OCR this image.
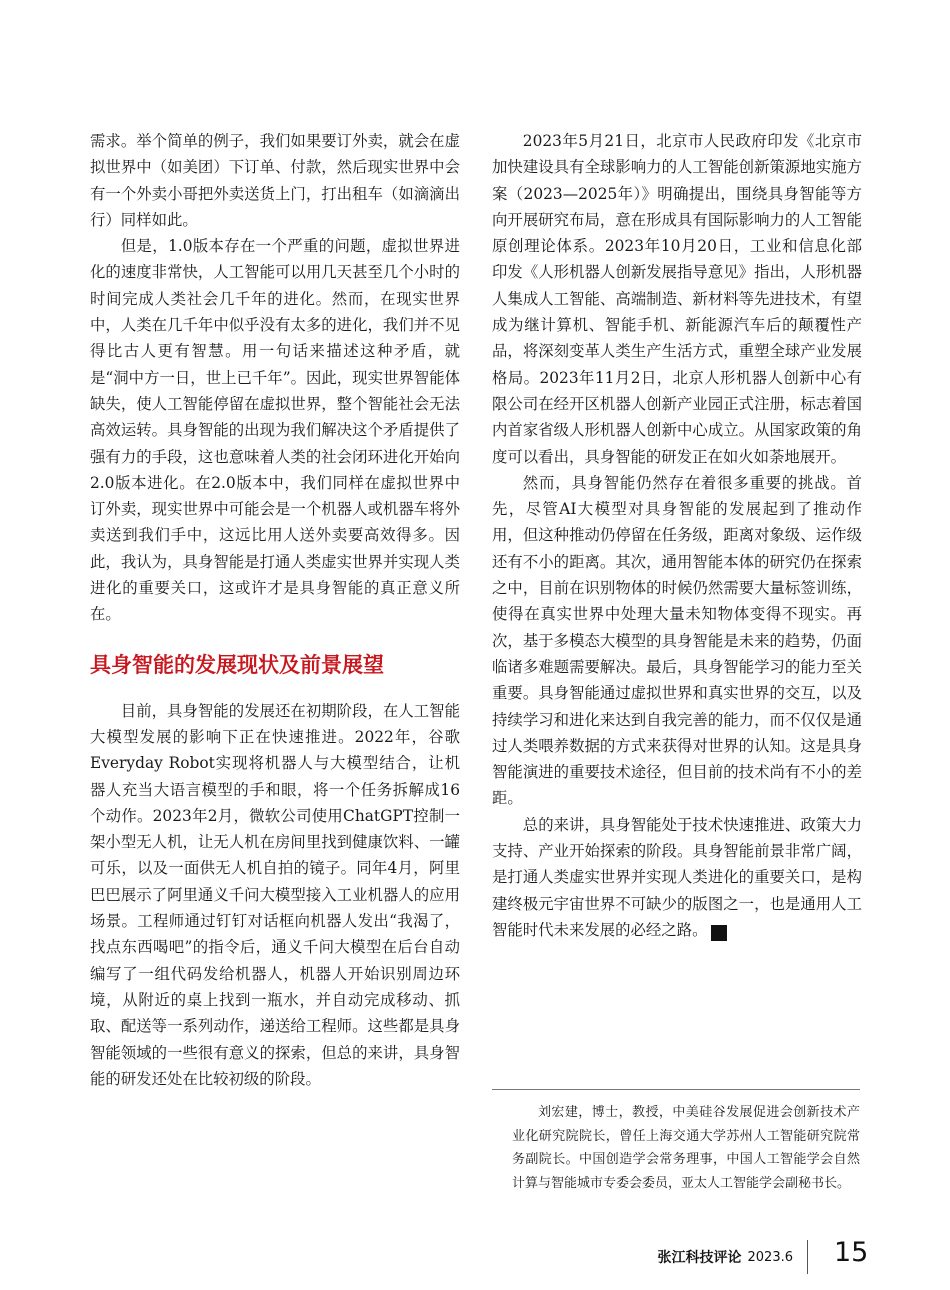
需求。举个简单的例子，我们如果要订外卖，就会在虚拟世界中（如美团）下订单、付款，然后现实世界中会有一个外卖小哥把外卖送货上门，打出租车（如滴滴出行）同样如此。

但是，1.0版本存在一个严重的问题，虚拟世界进化的速度非常快，人工智能可以用几天甚至几个小时的时间完成人类社会几千年的进化。然而，在现实世界中，人类在几千年中似乎没有太多的进化，我们并不见得比古人更有智慧。用一句话来描述这种矛盾，就是“洞中方一日，世上已千年”。因此，现实世界智能体缺失，使人工智能停留在虚拟世界，整个智能社会无法高效运转。具身智能的出现为我们解决这个矛盾提供了强有力的手段，这也意味着人类的社会闭环进化开始向2.0版本进化。在2.0版本中，我们同样在虚拟世界中订外卖，现实世界中可能会是一个机器人或机器车将外卖送到我们手中，这远比用人送外卖要高效得多。因此，我认为，具身智能是打通人类虚实世界并实现人类进化的重要关口，这或许才是具身智能的真正意义所在。

具身智能的发展现状及前景展望

目前，具身智能的发展还在初期阶段，在人工智能大模型发展的影响下正在快速推进。2022年，谷歌Everyday Robot实现将机器人与大模型结合，让机器人充当大语言模型的手和眼，将一个任务拆解成16个动作。2023年2月，微软公司使用ChatGPT控制一架小型无人机，让无人机在房间里找到健康饮料、一罐可乐，以及一面供无人机自拍的镜子。同年4月，阿里巴巴展示了阿里通义千问大模型接入工业机器人的应用场景。工程师通过钉钉对话框向机器人发出“我渴了，找点东西喝吧”的指令后，通义千问大模型在后台自动编写了一组代码发给机器人，机器人开始识别周边环境，从附近的桌上找到一瓶水，并自动完成移动、抓取、配送等一系列动作，递送给工程师。这些都是具身智能领域的一些很有意义的探索，但总的来讲，具身智能的研发还处在比较初级的阶段。

2023年5月21日，北京市人民政府印发《北京市加快建设具有全球影响力的人工智能创新策源地实施方案（2023—2025年）》明确提出，围绕具身智能等方向开展研究布局，意在形成具有国际影响力的人工智能原创理论体系。2023年10月20日，工业和信息化部印发《人形机器人创新发展指导意见》指出，人形机器人集成人工智能、高端制造、新材料等先进技术，有望成为继计算机、智能手机、新能源汽车后的颠覆性产品，将深刻变革人类生产生活方式，重塑全球产业发展格局。2023年11月2日，北京人形机器人创新中心有限公司在经开区机器人创新产业园正式注册，标志着国内首家省级人形机器人创新中心成立。从国家政策的角度可以看出，具身智能的研发正在如火如荼地展开。

然而，具身智能仍然存在着很多重要的挑战。首先，尽管AI大模型对具身智能的发展起到了推动作用，但这种推动仍停留在任务级，距离对象级、运作级还有不小的距离。其次，通用智能本体的研究仍在探索之中，目前在识别物体的时候仍然需要大量标签训练，使得在真实世界中处理大量未知物体变得不现实。再次，基于多模态大模型的具身智能是未来的趋势，仍面临诸多难题需要解决。最后，具身智能学习的能力至关重要。具身智能通过虚拟世界和真实世界的交互，以及持续学习和进化来达到自我完善的能力，而不仅仅是通过人类喂养数据的方式来获得对世界的认知。这是具身智能演进的重要技术途径，但目前的技术尚有不小的差距。

总的来讲，具身智能处于技术快速推进、政策大力支持、产业开始探索的阶段。具身智能前景非常广阔，是打通人类虚实世界并实现人类进化的重要关口，是构建终极元宇宙世界不可缺少的版图之一，也是通用人工智能时代未来发展的必经之路。	S

刘宏建，博士，教授，中美硅谷发展促进会创新技术产业化研究院院长，曾任上海交通大学苏州人工智能研究院常务副院长。中国创造学会常务理事，中国人工智能学会自然计算与智能城市专委会委员，亚太人工智能学会副秘书长。

张江科技评论 2023.6 15
